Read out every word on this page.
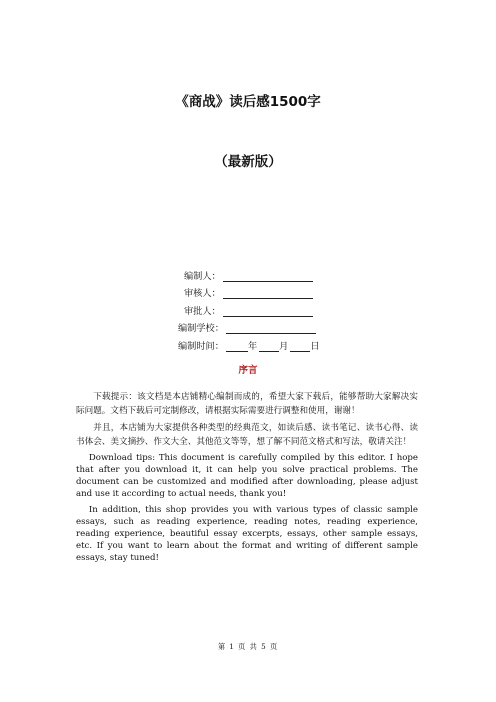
《商战》读后感1500字
（最新版）
编制人：
审核人：
审批人：
编制学校：
编制时间：	年 月 日
序言

下载提示：该文档是本店铺精心编制而成的，希望大家下载后，能够帮助大家解决实际问题。文档下载后可定制修改，请根据实际需要进行调整和使用，谢谢！

并且，本店铺为大家提供各种类型的经典范文，如读后感、读书笔记、读书心得、读书体会、美文摘抄、作文大全、其他范文等等，想了解不同范文格式和写法，敬请关注！

Download tips: This document is carefully compiled by this editor. I hope that after you download it, it can help you solve practical problems. The document can be customized and modified after downloading, please adjust and use it according to actual needs, thank you!

In addition, this shop provides you with various types of classic sample essays, such as reading experience, reading notes, reading experience, reading experience, beautiful essay excerpts, essays, other sample essays, etc. If you want to learn about the format and writing of different sample essays, stay tuned!

第 1 页 共 5 页
